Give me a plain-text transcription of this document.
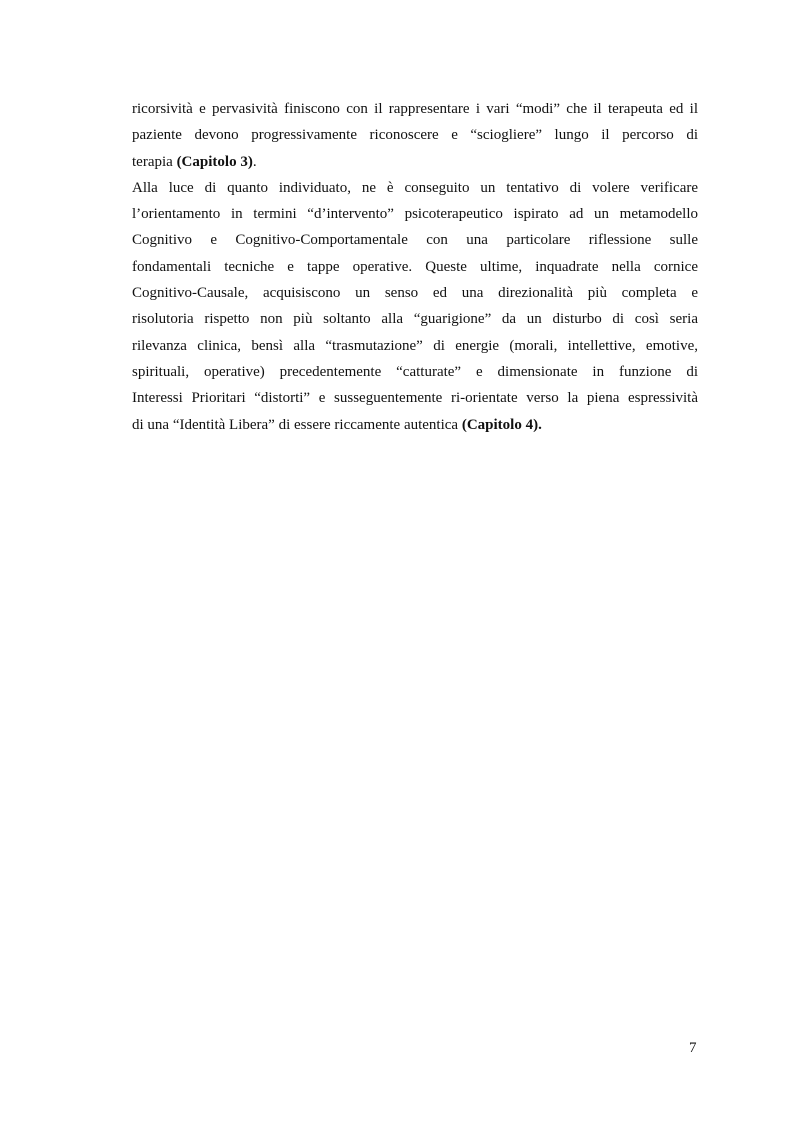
ricorsività e pervasività finiscono con il rappresentare i vari “modi” che il terapeuta ed il
paziente devono progressivamente riconoscere e “sciogliere” lungo il percorso di
terapia (Capitolo 3).
Alla luce di quanto individuato, ne è conseguito un tentativo di volere verificare
l’orientamento in termini “d’intervento” psicoterapeutico ispirato ad un metamodello
Cognitivo e Cognitivo-Comportamentale con una particolare riflessione sulle
fondamentali tecniche e tappe operative. Queste ultime, inquadrate nella cornice
Cognitivo-Causale, acquisiscono un senso ed una direzionalità più completa e
risolutoria rispetto non più soltanto alla “guarigione” da un disturbo di così seria
rilevanza clinica, bensì alla “trasmutazione” di energie (morali, intellettive, emotive,
spirituali, operative) precedentemente “catturate” e dimensionate in funzione di
Interessi Prioritari “distorti” e susseguentemente ri-orientate verso la piena espressività
di una “Identità Libera” di essere riccamente autentica (Capitolo 4).
7
